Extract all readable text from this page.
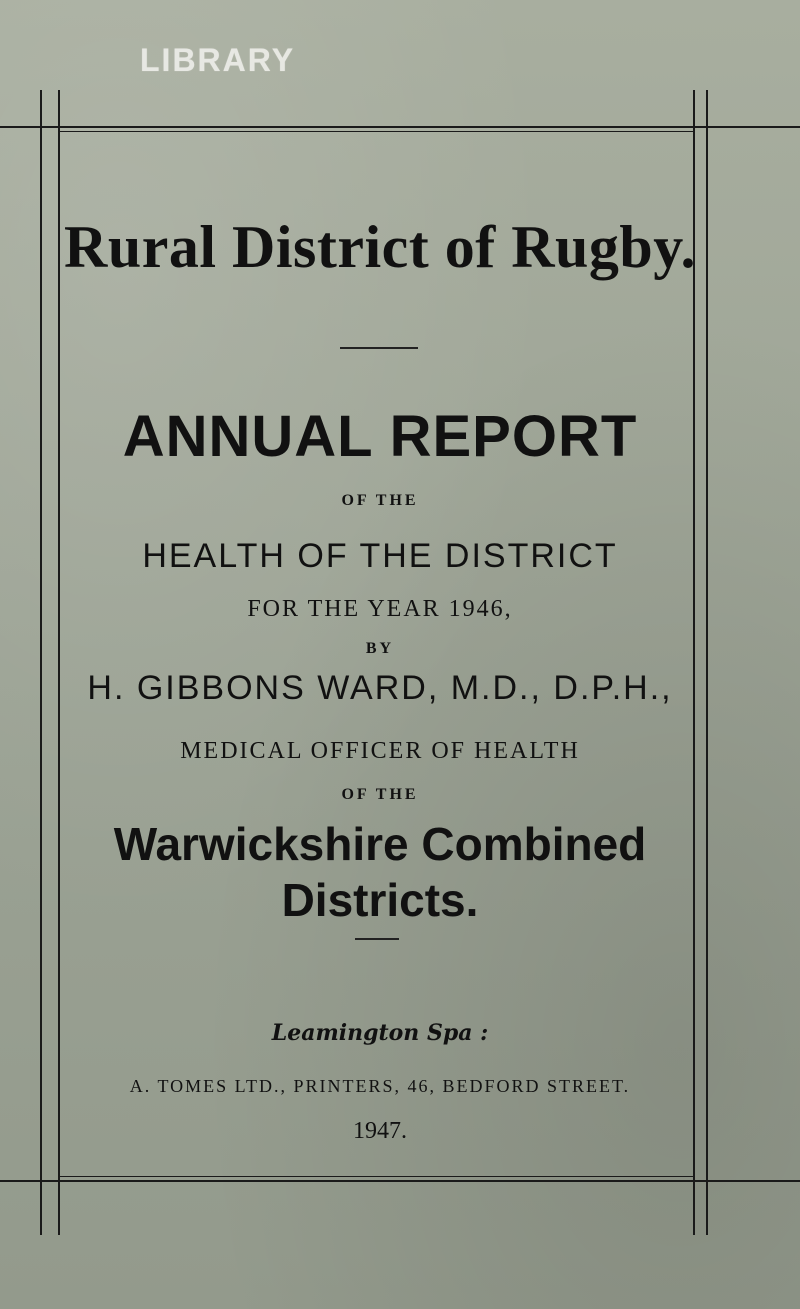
LIBRARY
Rural District of Rugby.
ANNUAL REPORT
OF THE
HEALTH OF THE DISTRICT
FOR THE YEAR 1946,
BY
H. GIBBONS WARD, M.D., D.P.H.,
MEDICAL OFFICER OF HEALTH
OF THE
Warwickshire Combined Districts.
Leamington Spa :
A. TOMES LTD., PRINTERS, 46, BEDFORD STREET.
1947.
